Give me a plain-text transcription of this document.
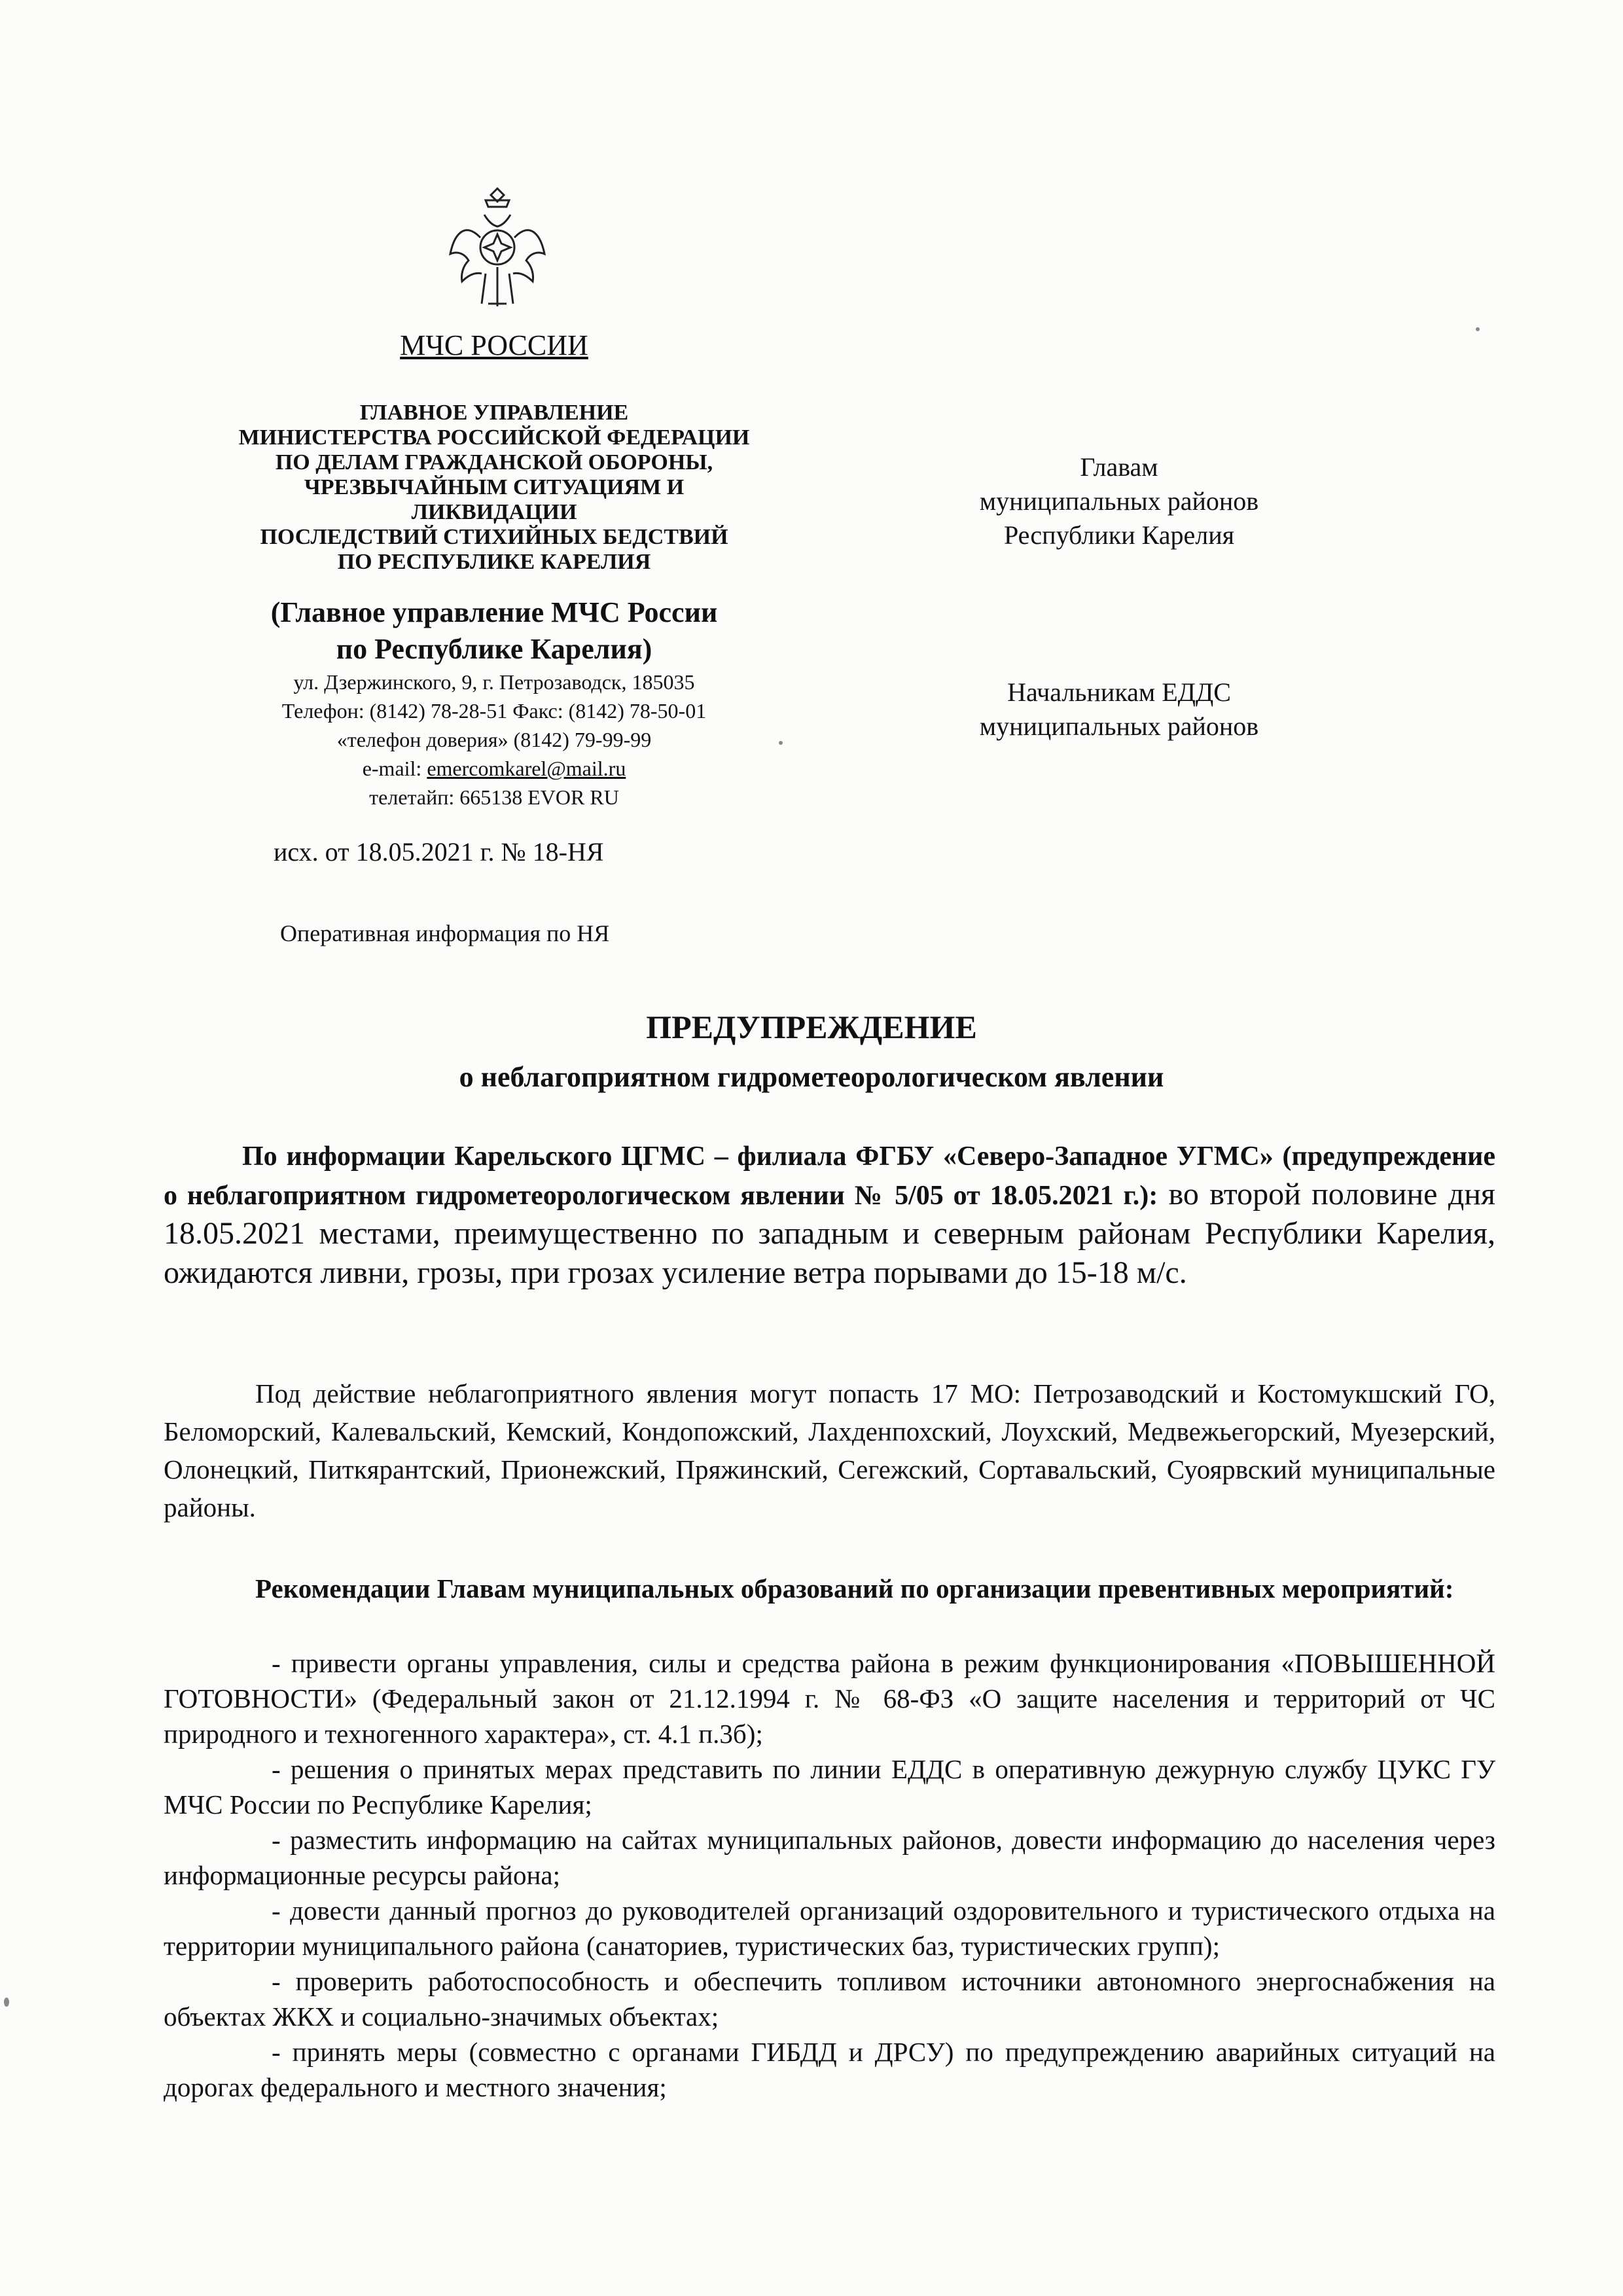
МЧС РОССИИ
ГЛАВНОЕ УПРАВЛЕНИЕ
МИНИСТЕРСТВА РОССИЙСКОЙ ФЕДЕРАЦИИ
ПО ДЕЛАМ ГРАЖДАНСКОЙ ОБОРОНЫ,
ЧРЕЗВЫЧАЙНЫМ СИТУАЦИЯМ И
ЛИКВИДАЦИИ
ПОСЛЕДСТВИЙ СТИХИЙНЫХ БЕДСТВИЙ
ПО РЕСПУБЛИКЕ КАРЕЛИЯ
(Главное управление МЧС России
по Республике Карелия)
ул. Дзержинского, 9, г. Петрозаводск, 185035
Телефон: (8142) 78-28-51 Факс: (8142) 78-50-01
«телефон доверия» (8142) 79-99-99
e-mail: emercomkarel@mail.ru
телетайп: 665138 EVOR RU
исх. от 18.05.2021 г. № 18-НЯ
Оперативная информация по НЯ
Главам
муниципальных районов
Республики Карелия
Начальникам ЕДДС
муниципальных районов
ПРЕДУПРЕЖДЕНИЕ
о неблагоприятном гидрометеорологическом явлении
По информации Карельского ЦГМС – филиала ФГБУ «Северо-Западное УГМС» (предупреждение о неблагоприятном гидрометеорологическом явлении № 5/05 от 18.05.2021 г.): во второй половине дня 18.05.2021 местами, преимущественно по западным и северным районам Республики Карелия, ожидаются ливни, грозы, при грозах усиление ветра порывами до 15-18 м/с.
Под действие неблагоприятного явления могут попасть 17 МО: Петрозаводский и Костомукшский ГО, Беломорский, Калевальский, Кемский, Кондопожский, Лахденпохский, Лоухский, Медвежьегорский, Муезерский, Олонецкий, Питкярантский, Прионежский, Пряжинский, Сегежский, Сортавальский, Суоярвский муниципальные районы.
Рекомендации Главам муниципальных образований по организации превентивных мероприятий:

- привести органы управления, силы и средства района в режим функционирования «ПОВЫШЕННОЙ ГОТОВНОСТИ» (Федеральный закон от 21.12.1994 г. № 68-ФЗ «О защите населения и территорий от ЧС природного и техногенного характера», ст. 4.1 п.3б);

- решения о принятых мерах представить по линии ЕДДС в оперативную дежурную службу ЦУКС ГУ МЧС России по Республике Карелия;

- разместить информацию на сайтах муниципальных районов, довести информацию до населения через информационные ресурсы района;

- довести данный прогноз до руководителей организаций оздоровительного и туристического отдыха на территории муниципального района (санаториев, туристических баз, туристических групп);

- проверить работоспособность и обеспечить топливом источники автономного энергоснабжения на объектах ЖКХ и социально-значимых объектах;

- принять меры (совместно с органами ГИБДД и ДРСУ) по предупреждению аварийных ситуаций на дорогах федерального и местного значения;
